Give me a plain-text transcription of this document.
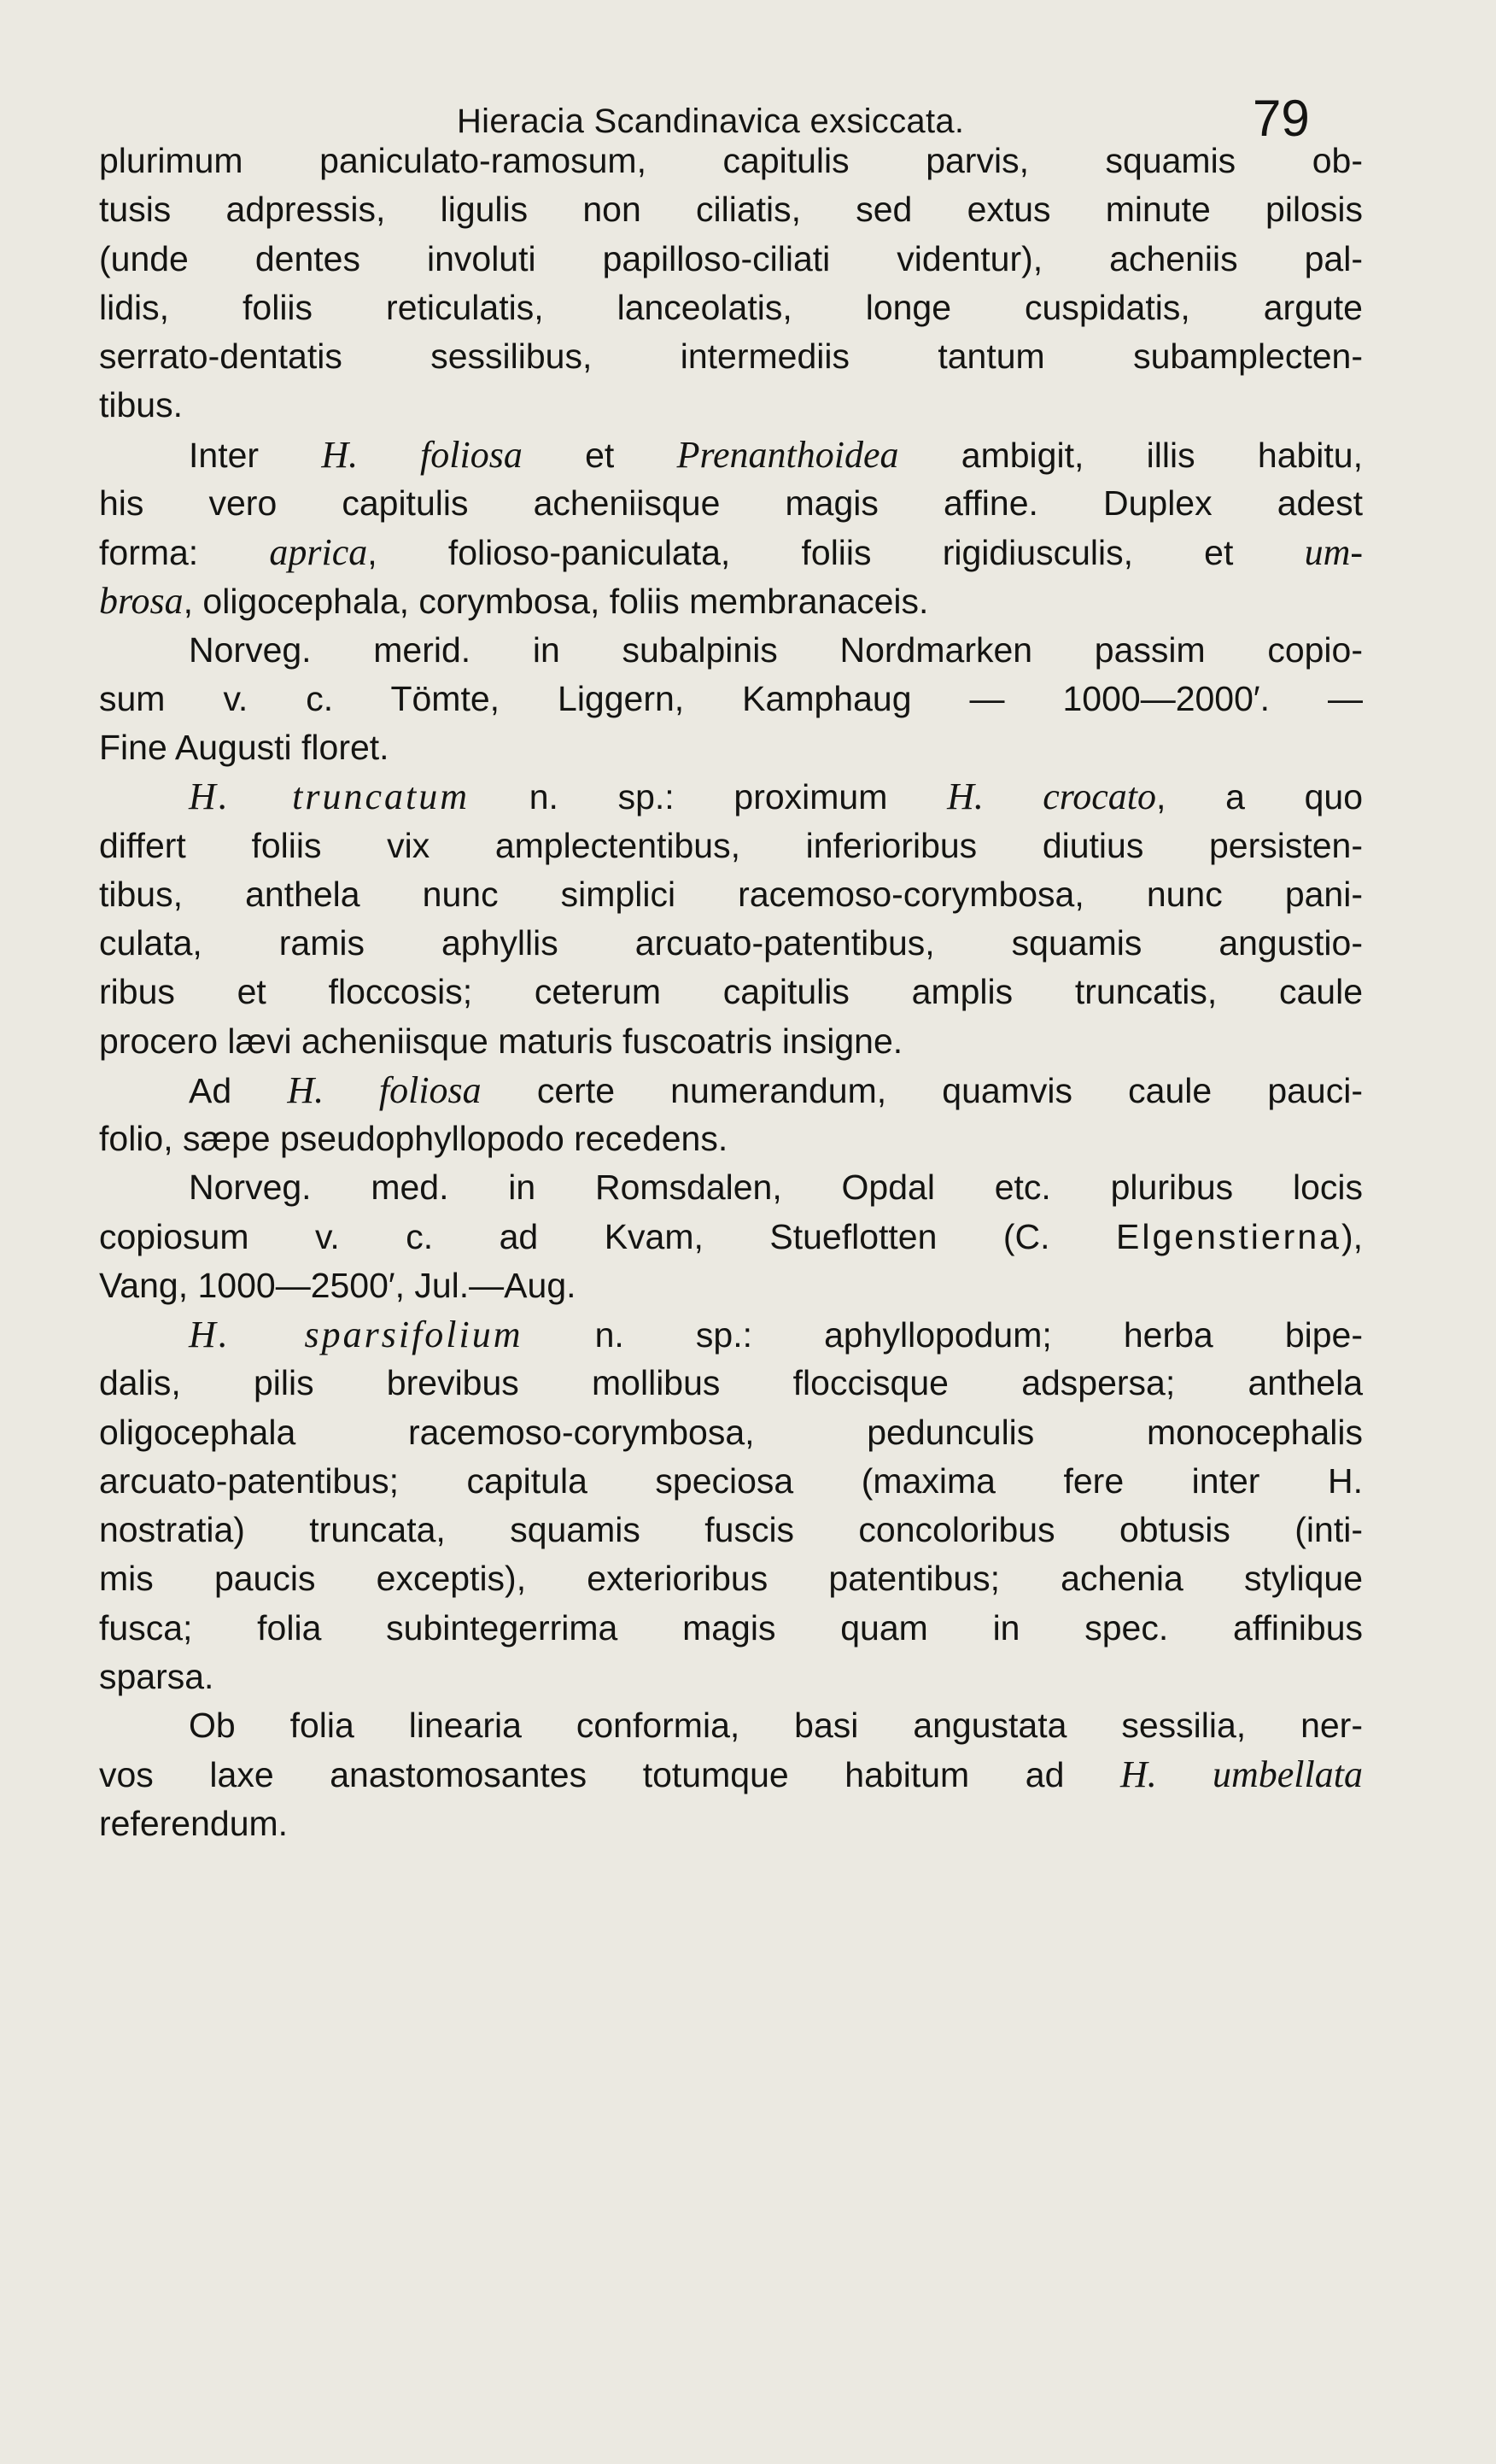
Hieracia Scandinavica exsiccata.	79
plurimum paniculato-ramosum, capitulis parvis, squamis ob-
tusis adpressis, ligulis non ciliatis, sed extus minute pilosis
(unde dentes involuti papilloso-ciliati videntur), acheniis pal-
lidis, foliis reticulatis, lanceolatis, longe cuspidatis, argute
serrato-dentatis sessilibus, intermediis tantum subamplecten-
tibus.
Inter H. foliosa et Prenanthoidea ambigit, illis habitu,
his vero capitulis acheniisque magis affine. Duplex adest
forma: aprica, folioso-paniculata, foliis rigidiusculis, et um-
brosa, oligocephala, corymbosa, foliis membranaceis.
Norveg. merid. in subalpinis Nordmarken passim copio-
sum v. c. Tömte, Liggern, Kamphaug — 1000—2000′. —
Fine Augusti floret.
H. truncatum n. sp.: proximum H. crocato, a quo
differt foliis vix amplectentibus, inferioribus diutius persisten-
tibus, anthela nunc simplici racemoso-corymbosa, nunc pani-
culata, ramis aphyllis arcuato-patentibus, squamis angustio-
ribus et floccosis; ceterum capitulis amplis truncatis, caule
procero lævi acheniisque maturis fuscoatris insigne.
Ad H. foliosa certe numerandum, quamvis caule pauci-
folio, sæpe pseudophyllopodo recedens.
Norveg. med. in Romsdalen, Opdal etc. pluribus locis
copiosum v. c. ad Kvam, Stueflotten (C. Elgenstierna),
Vang, 1000—2500′, Jul.—Aug.
H. sparsifolium n. sp.: aphyllopodum; herba bipe-
dalis, pilis brevibus mollibus floccisque adspersa; anthela
oligocephala racemoso-corymbosa, pedunculis monocephalis
arcuato-patentibus; capitula speciosa (maxima fere inter H.
nostratia) truncata, squamis fuscis concoloribus obtusis (inti-
mis paucis exceptis), exterioribus patentibus; achenia stylique
fusca; folia subintegerrima magis quam in spec. affinibus
sparsa.
Ob folia linearia conformia, basi angustata sessilia, ner-
vos laxe anastomosantes totumque habitum ad H. umbellata
referendum.
